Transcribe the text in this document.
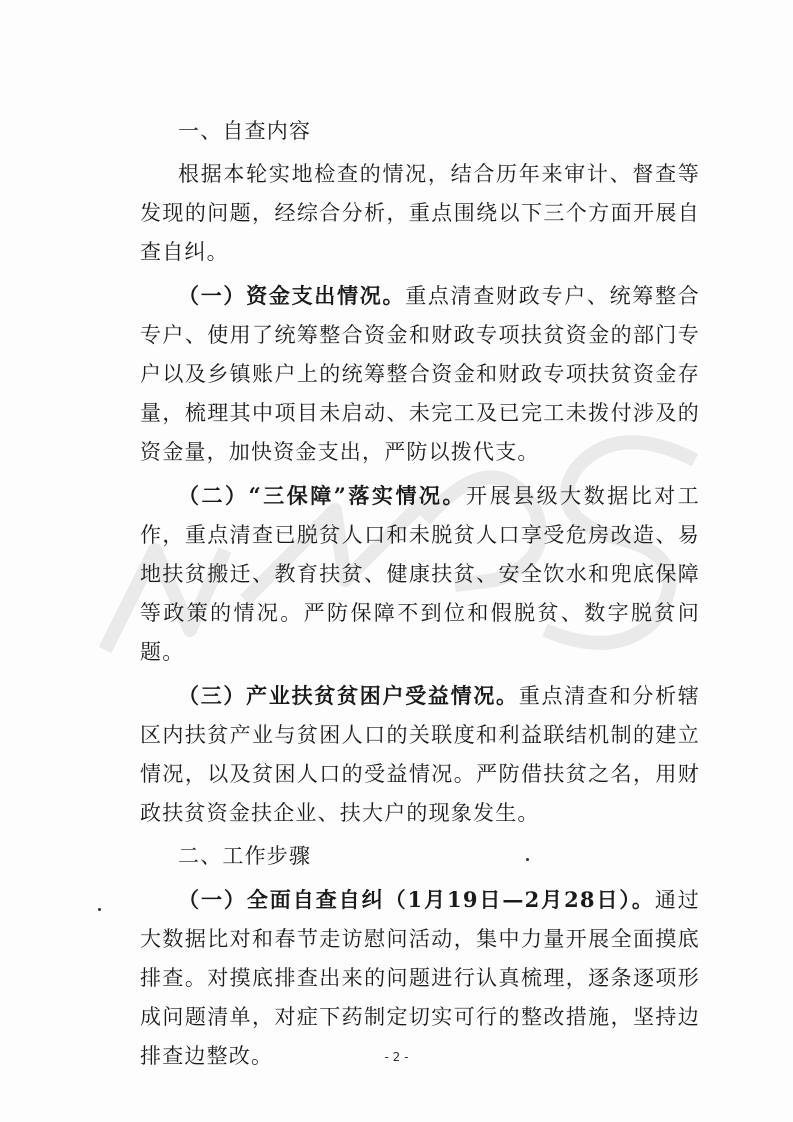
一、自查内容

根据本轮实地检查的情况，结合历年来审计、督查等发现的问题，经综合分析，重点围绕以下三个方面开展自查自纠。

（一）资金支出情况。重点清查财政专户、统筹整合专户、使用了统筹整合资金和财政专项扶贫资金的部门专户以及乡镇账户上的统筹整合资金和财政专项扶贫资金存量，梳理其中项目未启动、未完工及已完工未拨付涉及的资金量，加快资金支出，严防以拨代支。

（二）“三保障”落实情况。开展县级大数据比对工作，重点清查已脱贫人口和未脱贫人口享受危房改造、易地扶贫搬迁、教育扶贫、健康扶贫、安全饮水和兜底保障等政策的情况。严防保障不到位和假脱贫、数字脱贫问题。

（三）产业扶贫贫困户受益情况。重点清查和分析辖区内扶贫产业与贫困人口的关联度和利益联结机制的建立情况，以及贫困人口的受益情况。严防借扶贫之名，用财政扶贫资金扶企业、扶大户的现象发生。

二、工作步骤

（一）全面自查自纠（1月19日—2月28日）。通过大数据比对和春节走访慰问活动，集中力量开展全面摸底排查。对摸底排查出来的问题进行认真梳理，逐条逐项形成问题清单，对症下药制定切实可行的整改措施，坚持边排查边整改。	- 2 -
